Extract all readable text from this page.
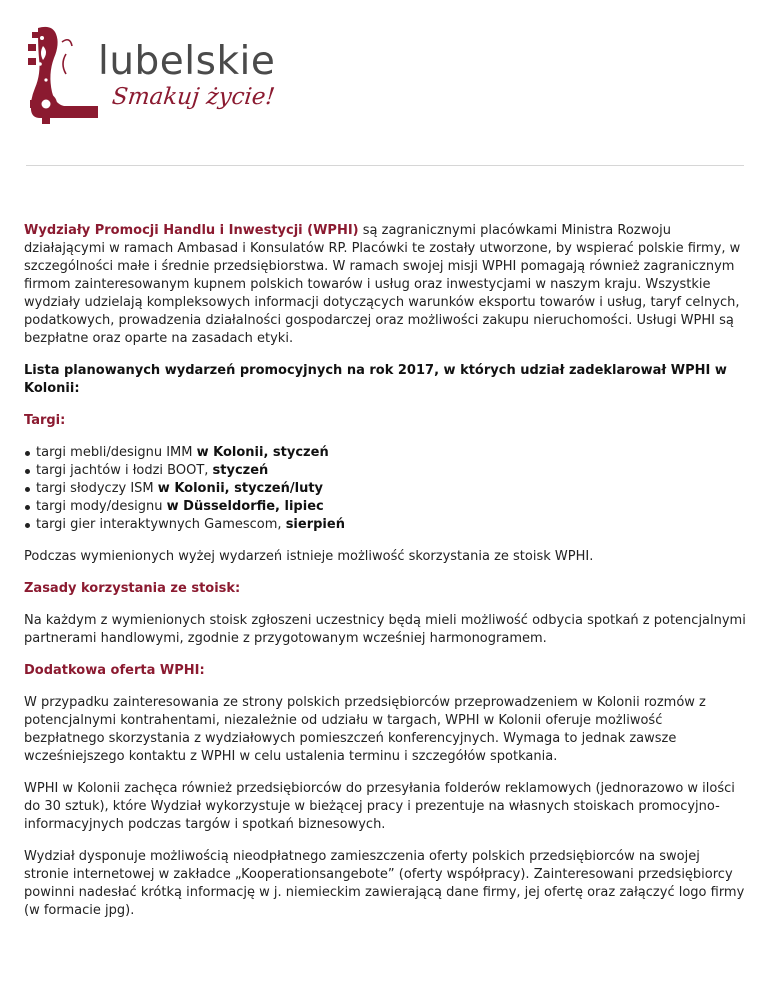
lubelskie
Smakuj życie!

Wydziały Promocji Handlu i Inwestycji (WPHI) są zagranicznymi placówkami Ministra Rozwoju działającymi w ramach Ambasad i Konsulatów RP. Placówki te zostały utworzone, by wspierać polskie firmy, w szczególności małe i średnie przedsiębiorstwa. W ramach swojej misji WPHI pomagają również zagranicznym firmom zainteresowanym kupnem polskich towarów i usług oraz inwestycjami w naszym kraju. Wszystkie wydziały udzielają kompleksowych informacji dotyczących warunków eksportu towarów i usług, taryf celnych, podatkowych, prowadzenia działalności gospodarczej oraz możliwości zakupu nieruchomości. Usługi WPHI są bezpłatne oraz oparte na zasadach etyki.

Lista planowanych wydarzeń promocyjnych na rok 2017, w których udział zadeklarował WPHI w Kolonii:

Targi:

targi mebli/designu IMM w Kolonii, styczeń
targi jachtów i łodzi BOOT, styczeń
targi słodyczy ISM w Kolonii, styczeń/luty
targi mody/designu w Düsseldorfie, lipiec
targi gier interaktywnych Gamescom, sierpień

Podczas wymienionych wyżej wydarzeń istnieje możliwość skorzystania ze stoisk WPHI.

Zasady korzystania ze stoisk:

Na każdym z wymienionych stoisk zgłoszeni uczestnicy będą mieli możliwość odbycia spotkań z potencjalnymi partnerami handlowymi, zgodnie z przygotowanym wcześniej harmonogramem.

Dodatkowa oferta WPHI:

W przypadku zainteresowania ze strony polskich przedsiębiorców przeprowadzeniem w Kolonii rozmów z potencjalnymi kontrahentami, niezależnie od udziału w targach, WPHI w Kolonii oferuje możliwość bezpłatnego skorzystania z wydziałowych pomieszczeń konferencyjnych. Wymaga to jednak zawsze wcześniejszego kontaktu z WPHI w celu ustalenia terminu i szczegółów spotkania.

WPHI w Kolonii zachęca również przedsiębiorców do przesyłania folderów reklamowych (jednorazowo w ilości do 30 sztuk), które Wydział wykorzystuje w bieżącej pracy i prezentuje na własnych stoiskach promocyjno-informacyjnych podczas targów i spotkań biznesowych.

Wydział dysponuje możliwością nieodpłatnego zamieszczenia oferty polskich przedsiębiorców na swojej stronie internetowej w zakładce „Kooperationsangebote” (oferty współpracy). Zainteresowani przedsiębiorcy powinni nadesłać krótką informację w j. niemieckim zawierającą dane firmy, jej ofertę oraz załączyć logo firmy (w formacie jpg).
